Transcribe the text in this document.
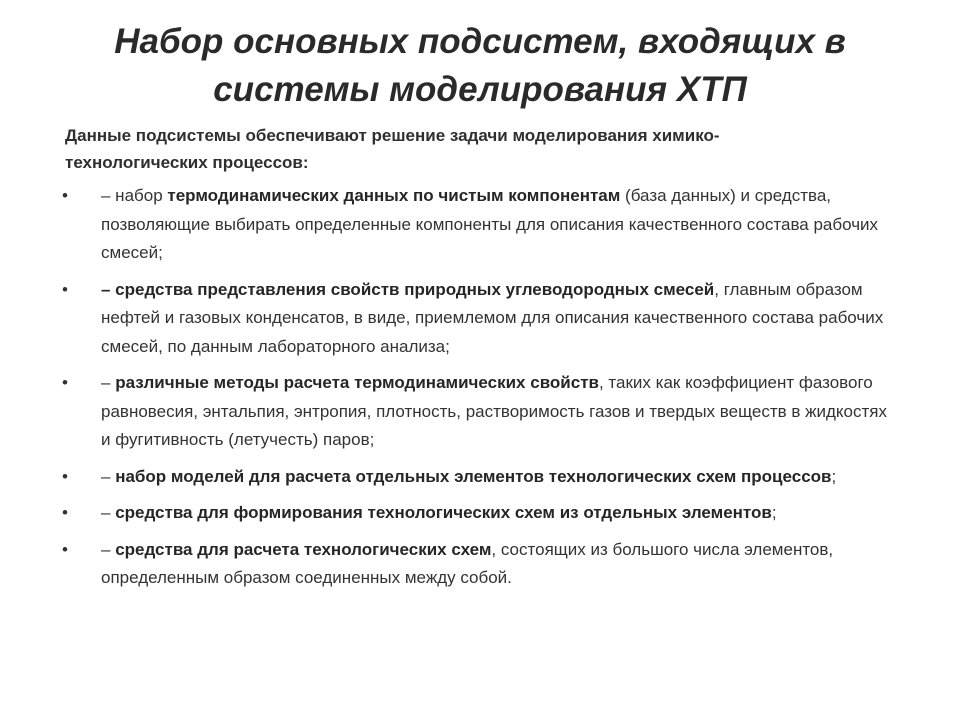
Набор основных подсистем, входящих в
системы моделирования ХТП

Данные подсистемы обеспечивают решение задачи моделирования химико-
технологических процессов:

• – набор термодинамических данных по чистым компонентам (база данных) и средства, позволяющие выбирать определенные компоненты для описания качественного состава рабочих смесей;
• – средства представления свойств природных углеводородных смесей, главным образом нефтей и газовых конденсатов, в виде, приемлемом для описания качественного состава рабочих смесей, по данным лабораторного анализа;
• – различные методы расчета термодинамических свойств, таких как коэффициент фазового равновесия, энтальпия, энтропия, плотность, растворимость газов и твердых веществ в жидкостях и фугитивность (летучесть) паров;
• – набор моделей для расчета отдельных элементов технологических схем процессов;
• – средства для формирования технологических схем из отдельных элементов;
• – средства для расчета технологических схем, состоящих из большого числа элементов, определенным образом соединенных между собой.
